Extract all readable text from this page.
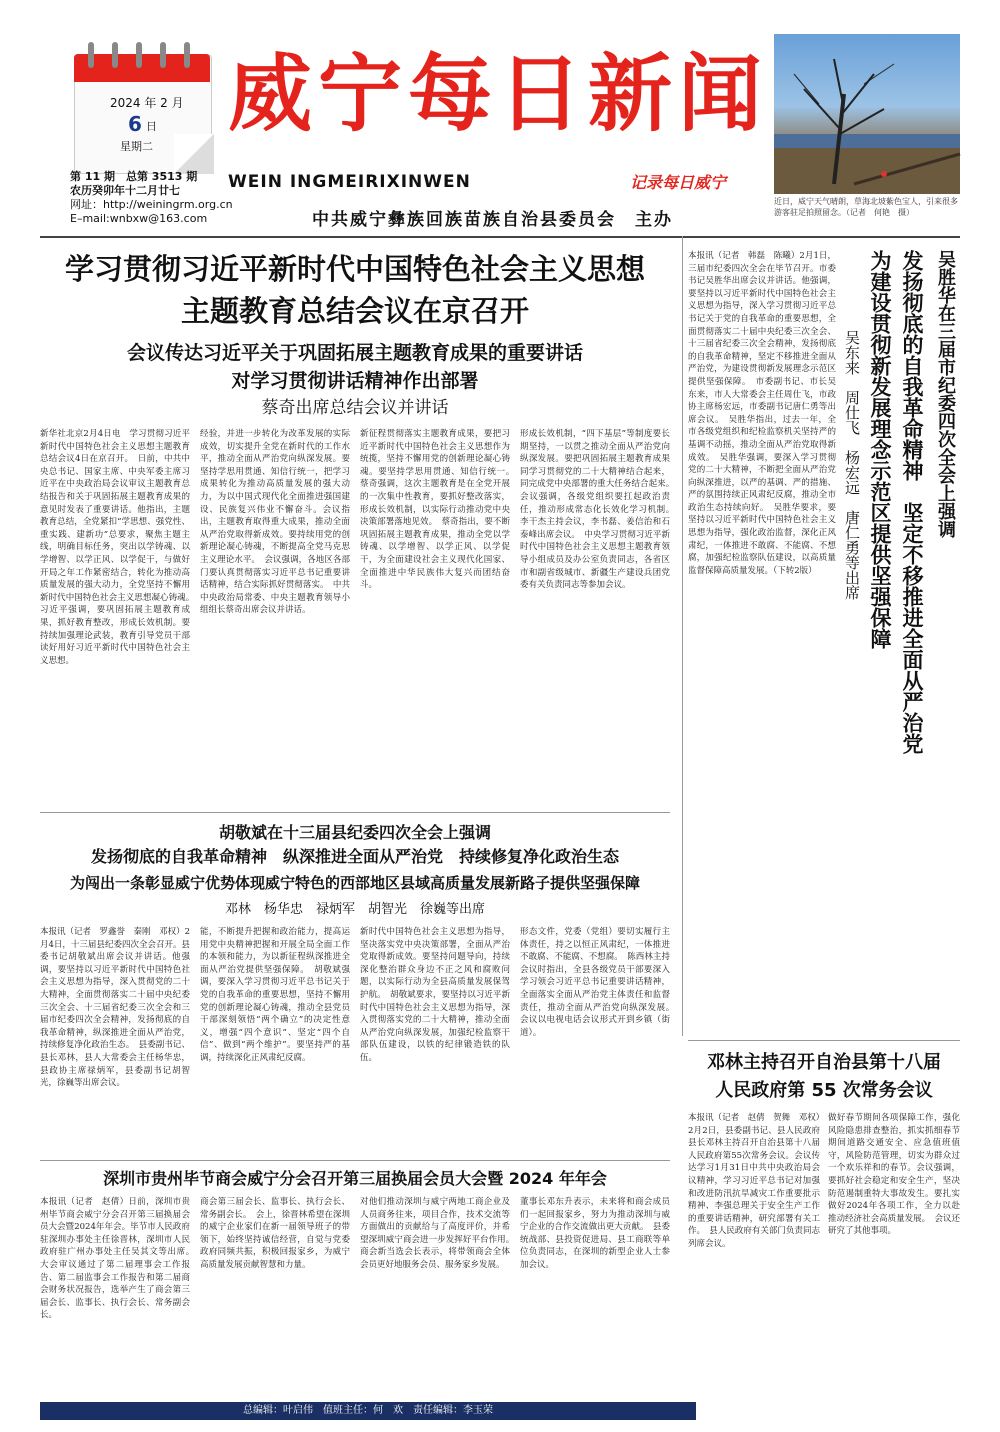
2024 年 2 月
6 日
星期二
第 11 期　总第 3513 期
农历癸卯年十二月廿七
网址：http://weiningrm.org.cn
E–mail:wnbxw@163.com
威宁每日新闻
WEIN INGMEIRIXINWEN	记录每日威宁
中共威宁彝族回族苗族自治县委员会　主办
近日，威宁天气晴朗，草海北坡紫色宝人，引来很多游客驻足拍照留念。（记者　何艳　摄）
学习贯彻习近平新时代中国特色社会主义思想
主题教育总结会议在京召开
会议传达习近平关于巩固拓展主题教育成果的重要讲话
对学习贯彻讲话精神作出部署
蔡奇出席总结会议并讲话
新华社北京2月4日电　学习贯彻习近平新时代中国特色社会主义思想主题教育总结会议4日在京召开。　日前，中共中央总书记、国家主席、中央军委主席习近平在中央政治局会议审议主题教育总结报告和关于巩固拓展主题教育成果的意见时发表了重要讲话。他指出，主题教育总结，全党紧扣“学思想、强党性、重实践、建新功”总要求，聚焦主题主线，明确目标任务，突出以学铸魂、以学增智、以学正风、以学促干，与做好开局之年工作紧密结合，转化为推动高质量发展的强大动力，全党坚持不懈用新时代中国特色社会主义思想凝心铸魂。　习近平强调，要巩固拓展主题教育成果，抓好教育整改，形成长效机制。要持续加强理论武装，教育引导党员干部读好用好习近平新时代中国特色社会主义思想。
经验，并进一步转化为改革发展的实际成效，切实提升全党在新时代的工作水平，推动全面从严治党向纵深发展。要坚持学思用贯通、知信行统一，把学习成果转化为推动高质量发展的强大动力，为以中国式现代化全面推进强国建设、民族复兴伟业不懈奋斗。会议指出，主题教育取得重大成果，推动全面从严治党取得新成效。要持续用党的创新理论凝心铸魂，不断提高全党马克思主义理论水平。　会议强调，各地区各部门要认真贯彻落实习近平总书记重要讲话精神，结合实际抓好贯彻落实。　中共中央政治局常委、中央主题教育领导小组组长蔡奇出席会议并讲话。
新征程贯彻落实主题教育成果，要把习近平新时代中国特色社会主义思想作为统揽，坚持不懈用党的创新理论凝心铸魂。要坚持学思用贯通、知信行统一。　蔡奇强调，这次主题教育是在全党开展的一次集中性教育，要抓好整改落实，形成长效机制，以实际行动推动党中央决策部署落地见效。　蔡奇指出，要不断巩固拓展主题教育成果，推动全党以学铸魂、以学增智、以学正风、以学促干，为全面建设社会主义现代化国家、全面推进中华民族伟大复兴而团结奋斗。
形成长效机制，“四下基层”等制度要长期坚持，一以贯之推动全面从严治党向纵深发展。要把巩固拓展主题教育成果同学习贯彻党的二十大精神结合起来，同完成党中央部署的重大任务结合起来。　会议强调，各级党组织要扛起政治责任，推动形成常态化长效化学习机制。　李干杰主持会议，李书磊、姜信治和石泰峰出席会议。　中央学习贯彻习近平新时代中国特色社会主义思想主题教育领导小组成员及办公室负责同志，各省区市和副省级城市、新疆生产建设兵团党委有关负责同志等参加会议。
胡敬斌在十三届县纪委四次全会上强调
发扬彻底的自我革命精神　纵深推进全面从严治党　持续修复净化政治生态
为闯出一条彰显威宁优势体现威宁特色的西部地区县域高质量发展新路子提供坚强保障
邓林　杨华忠　禄炳军　胡智光　徐巍等出席
本报讯（记者　罗鑫誉　秦刚　邓权）2月4日，十三届县纪委四次全会召开。县委书记胡敬斌出席会议并讲话。他强调，要坚持以习近平新时代中国特色社会主义思想为指导，深入贯彻党的二十大精神，全面贯彻落实二十届中央纪委三次全会、十三届省纪委三次全会和三届市纪委四次全会精神，发扬彻底的自我革命精神，纵深推进全面从严治党，持续修复净化政治生态。　县委副书记、县长邓林，县人大常委会主任杨华忠，县政协主席禄炳军，县委副书记胡智光，徐巍等出席会议。
能，不断提升把握和政治能力，提高运用党中央精神把握和开展全局全面工作的本领和能力，为以新征程纵深推进全面从严治党提供坚强保障。　胡敬斌强调，要深入学习贯彻习近平总书记关于党的自我革命的重要思想，坚持不懈用党的创新理论凝心铸魂，推动全县党员干部深刻领悟“两个确立”的决定性意义，增强“四个意识”、坚定“四个自信”、做到“两个维护”。要坚持严的基调，持续深化正风肃纪反腐。
新时代中国特色社会主义思想为指导，坚决落实党中央决策部署，全面从严治党取得新成效。要坚持问题导向，持续深化整治群众身边不正之风和腐败问题，以实际行动为全县高质量发展保驾护航。　胡敬斌要求，要坚持以习近平新时代中国特色社会主义思想为指导，深入贯彻落实党的二十大精神，推动全面从严治党向纵深发展，加强纪检监察干部队伍建设，以铁的纪律锻造铁的队伍。
形态文件，党委（党组）要切实履行主体责任，持之以恒正风肃纪，一体推进不敢腐、不能腐、不想腐。　陈西林主持会议时指出，全县各级党员干部要深入学习领会习近平总书记重要讲话精神，全面落实全面从严治党主体责任和监督责任，推动全面从严治党向纵深发展。　会议以电视电话会议形式开到乡镇（街道）。
深圳市贵州毕节商会威宁分会召开第三届换届会员大会暨 2024 年年会
本报讯（记者　赵倩）日前，深圳市贵州毕节商会威宁分会召开第三届换届会员大会暨2024年年会。毕节市人民政府驻深圳办事处主任徐晋林，深圳市人民政府驻广州办事处主任吴其文等出席。　大会审议通过了第二届理事会工作报告、第二届监事会工作报告和第二届商会财务状况报告，选举产生了商会第三届会长、监事长、执行会长、常务副会长。
商会第三届会长、监事长、执行会长、常务副会长。　会上，徐晋林希望在深圳的威宁企业家们在新一届领导班子的带领下，始终坚持诚信经营，自觉与党委政府同频共振，积极回报家乡，为威宁高质量发展贡献智慧和力量。
对他们推动深圳与威宁两地工商企业及人员商务往来，项目合作，技术交流等方面做出的贡献给与了高度评价，并希望深圳威宁商会进一步发挥好平台作用。　商会新当选会长表示，将带领商会全体会员更好地服务会员、服务家乡发展。
董事长邓东升表示，未来将和商会成员们一起回报家乡，努力为推动深圳与威宁企业的合作交流做出更大贡献。　县委统战部、县投资促进局、县工商联等单位负责同志，在深圳的新型企业人士参加会议。
本报讯（记者　韩磊　陈曦）2月1日，三届市纪委四次全会在毕节召开。市委书记吴胜华出席会议并讲话。他强调，要坚持以习近平新时代中国特色社会主义思想为指导，深入学习贯彻习近平总书记关于党的自我革命的重要思想，全面贯彻落实二十届中央纪委三次全会、十三届省纪委三次全会精神，发扬彻底的自我革命精神，坚定不移推进全面从严治党，为建设贯彻新发展理念示范区提供坚强保障。　市委副书记、市长吴东来，市人大常委会主任周仕飞，市政协主席杨宏远，市委副书记唐仁勇等出席会议。　吴胜华指出，过去一年，全市各级党组织和纪检监察机关坚持严的基调不动摇，推动全面从严治党取得新成效。　吴胜华强调，要深入学习贯彻党的二十大精神，不断把全面从严治党向纵深推进，以严的基调、严的措施、严的氛围持续正风肃纪反腐，推动全市政治生态持续向好。　吴胜华要求，要坚持以习近平新时代中国特色社会主义思想为指导，强化政治监督，深化正风肃纪，一体推进不敢腐、不能腐、不想腐，加强纪检监察队伍建设，以高质量监督保障高质量发展。（下转2版）
吴胜华在三届市纪委四次全会上强调
发扬彻底的自我革命精神　坚定不移推进全面从严治党
为建设贯彻新发展理念示范区提供坚强保障
吴东来　周仕飞　杨宏远　唐仁勇等出席
邓林主持召开自治县第十八届
人民政府第 55 次常务会议
本报讯（记者　赵倩　贺舞　邓权）2月2日，县委副书记、县人民政府县长邓林主持召开自治县第十八届人民政府第55次常务会议。会议传达学习1月31日中共中央政治局会议精神，学习习近平总书记对加强和改进防汛抗旱减灾工作重要批示精神、李强总理关于安全生产工作的重要讲话精神，研究部署有关工作。　县人民政府有关部门负责同志列席会议。
做好春节期间各项保障工作，强化风险隐患排查整治，抓实抓细春节期间道路交通安全、应急值班值守，风险防范管理，切实为群众过一个欢乐祥和的春节。会议强调，要抓好社会稳定和安全生产，坚决防范遏制重特大事故发生。要扎实做好2024年各项工作，全力以赴推动经济社会高质量发展。　会议还研究了其他事项。
总编辑：叶启伟　值班主任：何　欢　责任编辑：李玉荣
